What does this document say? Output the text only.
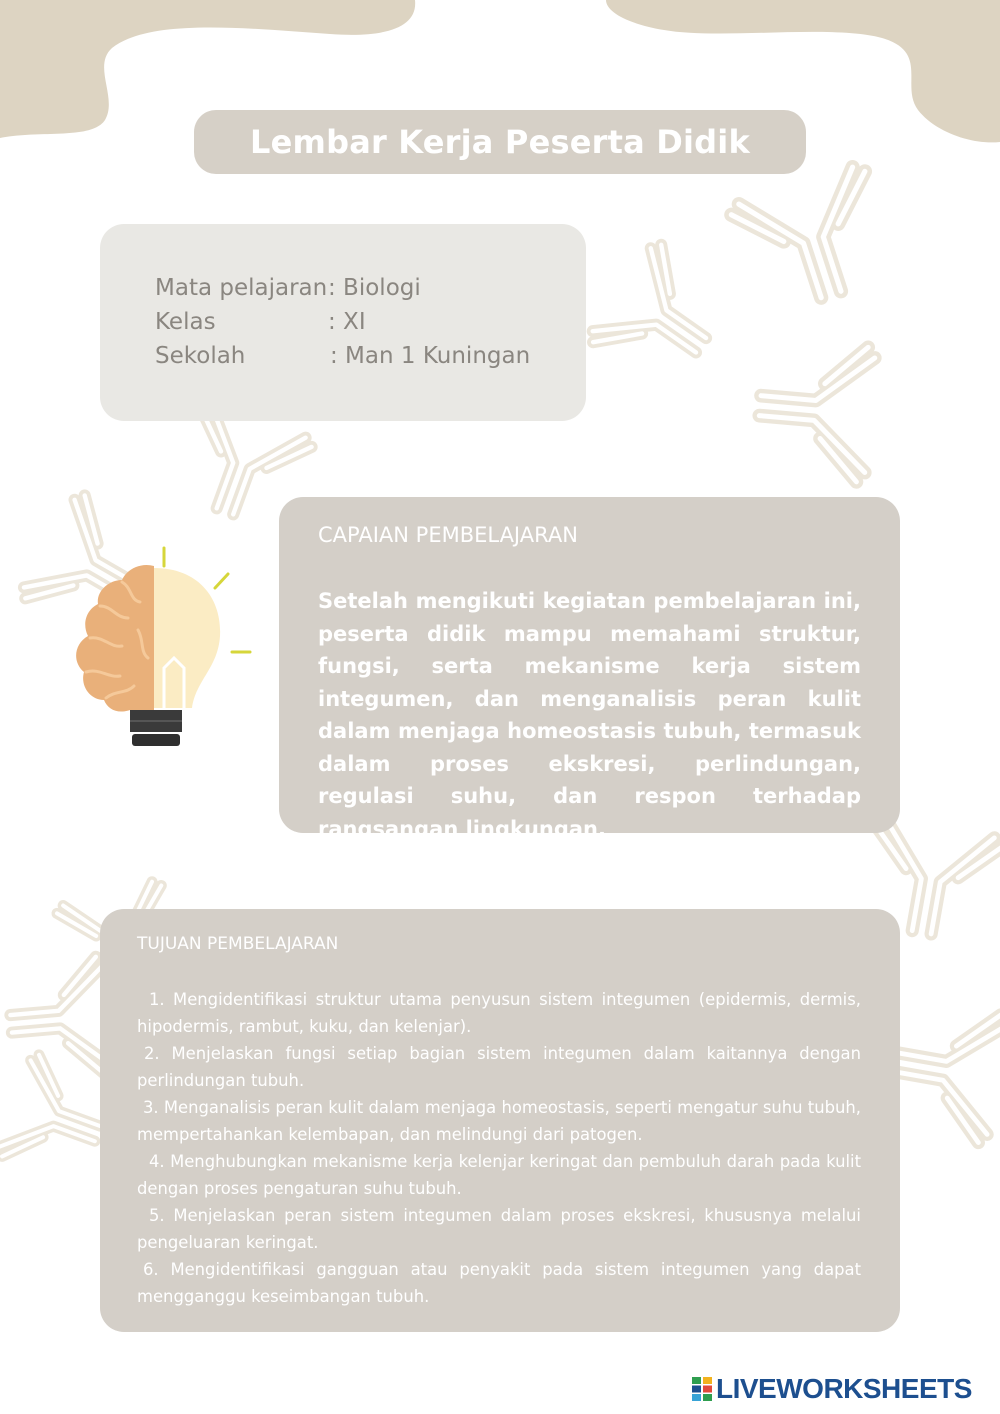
Lembar Kerja Peserta Didik
Mata pelajaran : Biologi
Kelas	: XI
Sekolah	: Man 1 Kuningan
CAPAIAN PEMBELAJARAN
Setelah mengikuti kegiatan pembelajaran ini, peserta didik mampu memahami struktur, fungsi, serta mekanisme kerja sistem integumen, dan menganalisis peran kulit dalam menjaga homeostasis tubuh, termasuk dalam proses ekskresi, perlindungan, regulasi suhu, dan respon terhadap rangsangan lingkungan.
TUJUAN PEMBELAJARAN
1. Mengidentifikasi struktur utama penyusun sistem integumen (epidermis, dermis, hipodermis, rambut, kuku, dan kelenjar).
2. Menjelaskan fungsi setiap bagian sistem integumen dalam kaitannya dengan perlindungan tubuh.
3. Menganalisis peran kulit dalam menjaga homeostasis, seperti mengatur suhu tubuh, mempertahankan kelembapan, dan melindungi dari patogen.
4. Menghubungkan mekanisme kerja kelenjar keringat dan pembuluh darah pada kulit dengan proses pengaturan suhu tubuh.
5. Menjelaskan peran sistem integumen dalam proses ekskresi, khususnya melalui pengeluaran keringat.
6. Mengidentifikasi gangguan atau penyakit pada sistem integumen yang dapat mengganggu keseimbangan tubuh.
LIVEWORKSHEETS
